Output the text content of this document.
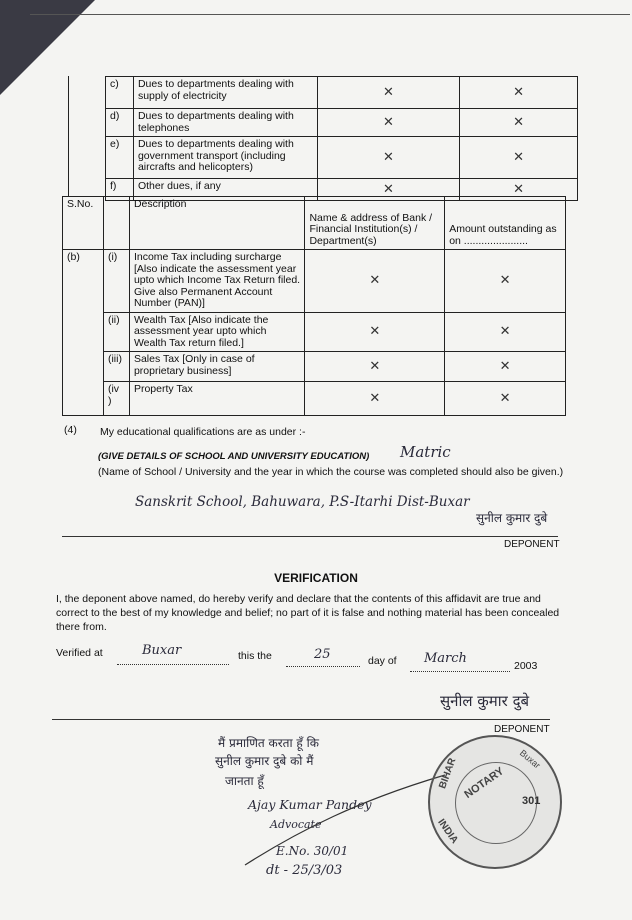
c)	Dues to departments dealing with supply of electricity	✕	✕
d)	Dues to departments dealing with telephones	✕	✕
e)	Dues to departments dealing with government transport (including aircrafts and helicopters)	✕	✕
f)	Other dues, if any	✕	✕
S.No.		Description	Name & address of Bank / Financial Institution(s) / Department(s)	Amount outstanding as on ......................
(b)	(i)	Income Tax including surcharge [Also indicate the assessment year upto which Income Tax Return filed. Give also Permanent Account Number (PAN)]	✕	✕
	(ii)	Wealth Tax [Also indicate the assessment year upto which Wealth Tax return filed.]	✕	✕
	(iii)	Sales Tax [Only in case of proprietary business]	✕	✕
	(iv )	Property Tax	✕	✕
(4) My educational qualifications are as under :-
(GIVE DETAILS OF SCHOOL AND UNIVERSITY EDUCATION) Matric
(Name of School / University and the year in which the course was completed should also be given.)
Sanskrit School, Bahuwara, P.S-Itarhi Dist-Buxar
सुनील कुमार दुबे
DEPONENT
VERIFICATION
I, the deponent above named, do hereby verify and declare that the contents of this affidavit are true and correct to the best of my knowledge and belief; no part of it is false and nothing material has been concealed there from.
Verified at	Buxar	this the	25	day of March	2003
सुनील कुमार दुबे
DEPONENT
मैं प्रमाणित करता हूँ कि
सुनील कुमार दुबे को मैं
जानता हूँ
Ajay Kumar Pandey
Advocate
E.No. 30/01
dt - 25/3/03
NOTARY
BIHAR
INDIA
Buxar
301
